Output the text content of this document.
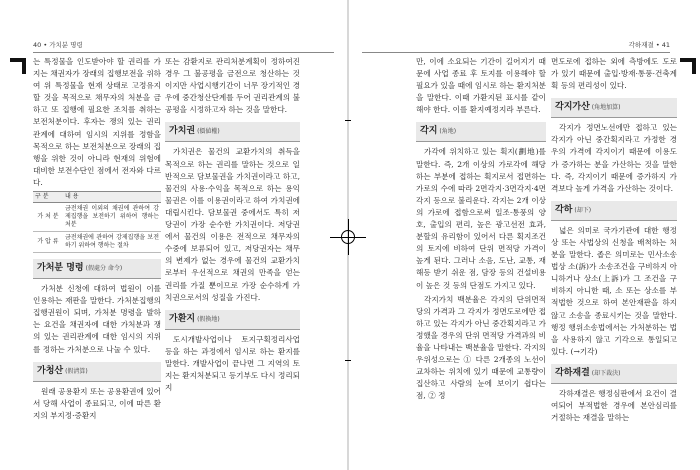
40 • 가치분 명령

는 특정물을 인도받아야 할 권리를 가지는 채권자가 장래의 집행보전을 위하여 위 특정물을 현재 상태로 고정유지할 것을 목적으로 채무자의 처분을 금하고 또 집행에 필요한 조치를 취하는 보전처분이다. 후자는 쟁의 있는 권리관계에 대하여 임시의 지위를 정함을 목적으로 하는 보전처분으로 장래의 집행을 위한 것이 아니라 현재의 위험에 대비한 보전수단인 점에서 전자와 다르다.

구 분	내 용
가 처 분	금전채권 이외의 채권에 관하여 강제집행을 보전하기 위하여 행하는 처분
가 압 류	금전채권에 관하여 강제집행을 보전하기 위하여 행하는 절차
가처분 명령 (假處分 命令)

가처분 신청에 대하여 법원이 이를 인용하는 재판을 말한다. 가처분집행의 집행권원이 되며, 가처분 명령을 발하는 요건을 채권자에 대한 가처분과 쟁의 있는 권리관계에 대한 임시의 지위를 정하는 가처분으로 나눌 수 있다.

가청산 (假淸算)

원래 공용환지 또는 공용환권에 있어서 당해 사업이 종료되고, 이에 따른 환지의 부지정·증환지

또는 감환지로 관리처분계획이 정하여진 경우 그 불공평을 금전으로 청산하는 것이지만 사업시행기간이 너무 장기적인 경우에 중간청산단계를 두어 권리관계의 불공평을 시정하고자 하는 것을 말한다.

가치권 (價値權)

가치권은 물건의 교환가치의 취득을 목적으로 하는 권리를 말하는 것으로 일반적으로 담보물권을 가치권이라고 하고, 물건의 사용·수익을 목적으로 하는 용익물권은 이를 이용권이라고 하여 가치권에 대립시킨다. 담보물권 중에서도 특히 저당권이 가장 순수한 가치권이다. 저당권에서 물건의 이용은 전적으로 채무자의 수중에 보류되어 있고, 저당권자는 채무의 변제가 없는 경우에 물건의 교환가치로부터 우선적으로 채권의 만족을 얻는 권리를 가질 뿐이므로 가장 순수하게 가치권으로서의 성질을 가진다.

가환지 (假換地)

도시개발사업이나 토지구획정리사업 등을 하는 과정에서 임시로 하는 환지를 말한다. 개발사업이 끝나면 그 지역의 토지는 환지처분되고 등기부도 다시 정리되지

각하재결 • 41

만, 이에 소요되는 기간이 길어지기 때문에 사업 종료 후 토지를 이용해야 할 필요가 있을 때에 임시로 하는 환지처분을 말한다. 이때 가환지된 표시를 같이해야 한다. 이를 환지예정지라 부른다.

각지 (角地)

가각에 위치하고 있는 획지(劃地)를 말한다. 즉, 2개 이상의 가로각에 해당하는 부분에 접하는 획지로서 접면하는 가로의 수에 따라 2면각지·3면각지·4면각지 등으로 불리운다. 각지는 2개 이상의 가로에 접함으로써 일조·통풍의 양호, 출입의 편리, 높은 광고선전 효과, 분할의 유리함이 있어서 다른 획지조건의 토지에 비하여 단위 면적당 가격이 높게 된다. 그러나 소음, 도난, 교통, 재해등 받기 쉬운 점, 담장 등의 건설비용이 높은 것 등의 단점도 가지고 있다.

각지가치 백분율은 각지의 단위면적당의 가격과 그 각지가 정면도로에만 접하고 있는 각지가 아닌 중간획지라고 가정했을 경우의 단위 면적당 가격과의 비율을 나타내는 백분율을 말한다. 각지의 우위성으로는 ① 다른 2개종의 노선이 교차하는 위치에 있기 때문에 교통량이 집산하고 사람의 눈에 보이기 쉽다는 점, ② 정

면도로에 접하는 외에 측방에도 도로가 있기 때문에 출입·방재·통풍·건축계획 등의 편리성이 있다.

각지가산 (角地加算)

각지가 정면노선에만 접하고 있는 각지가 아닌 중간획지라고 가정한 경우의 가격에 각지이기 때문에 이용도가 증가하는 분을 가산하는 것을 말한다. 즉, 각지이기 때문에 증가하지 가격보다 높게 가격을 가산하는 것이다.

각하 (却下)

넓은 의미로 국가기관에 대한 행정상 또는 사법상의 신청을 배척하는 처분을 말한다. 좁은 의미로는 민사소송법상 소(訴)가 소송조건을 구비하지 아니하거나 상소(上訴)가 그 조건을 구비하지 아니한 때, 소 또는 상소를 부적법한 것으로 하여 본안재판을 하지 않고 소송을 종료시키는 것을 말한다. 행정 행위소송법에서는 가처분하는 법을 사용하지 않고 기각으로 통일되고 있다. (→기각)

각하재결 (却下裁決)

각하재결은 행정심판에서 요건이 결여되어 부적법한 경우에 본안심리를 거절하는 재결을 말하는
